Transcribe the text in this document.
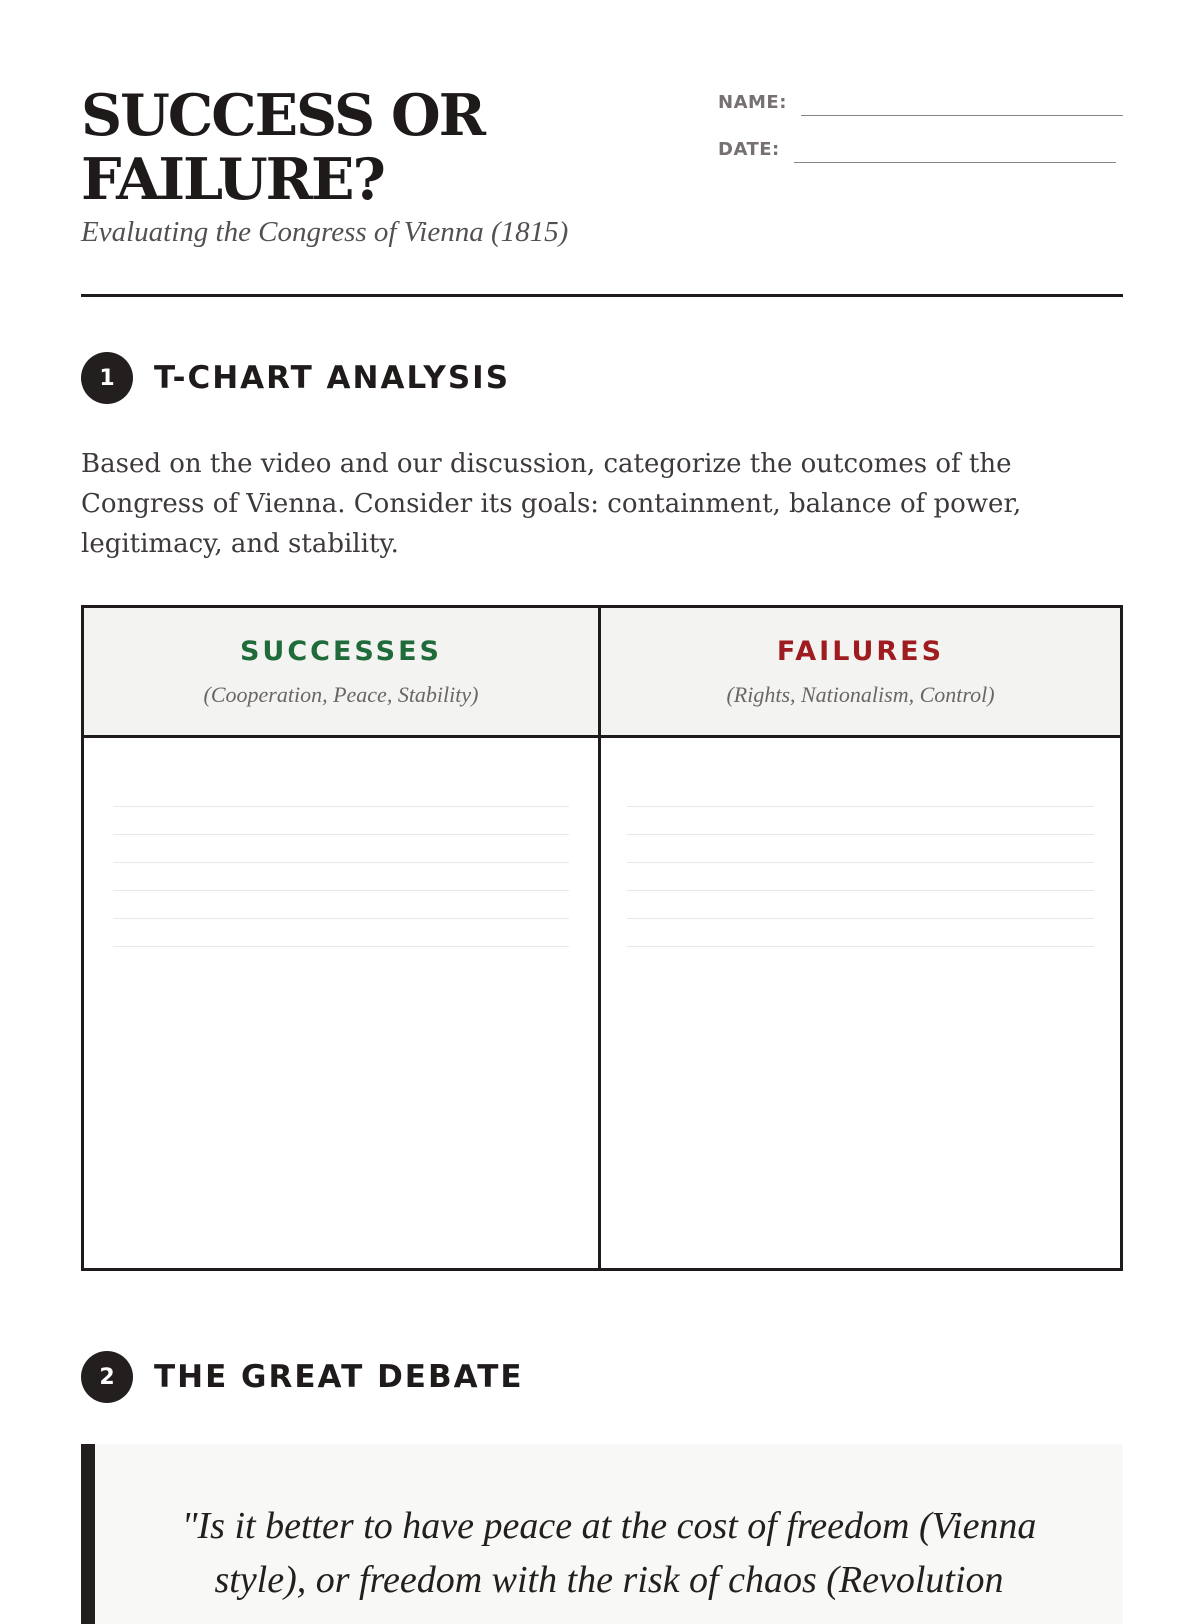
SUCCESS OR FAILURE?

Evaluating the Congress of Vienna (1815)

NAME:
DATE:
1	T-CHART ANALYSIS

Based on the video and our discussion, categorize the outcomes of the Congress of Vienna. Consider its goals: containment, balance of power, legitimacy, and stability.

SUCCESSES
(Cooperation, Peace, Stability)
FAILURES
(Rights, Nationalism, Control)
2	THE GREAT DEBATE

"Is it better to have peace at the cost of freedom (Vienna style), or freedom with the risk of chaos (Revolution
